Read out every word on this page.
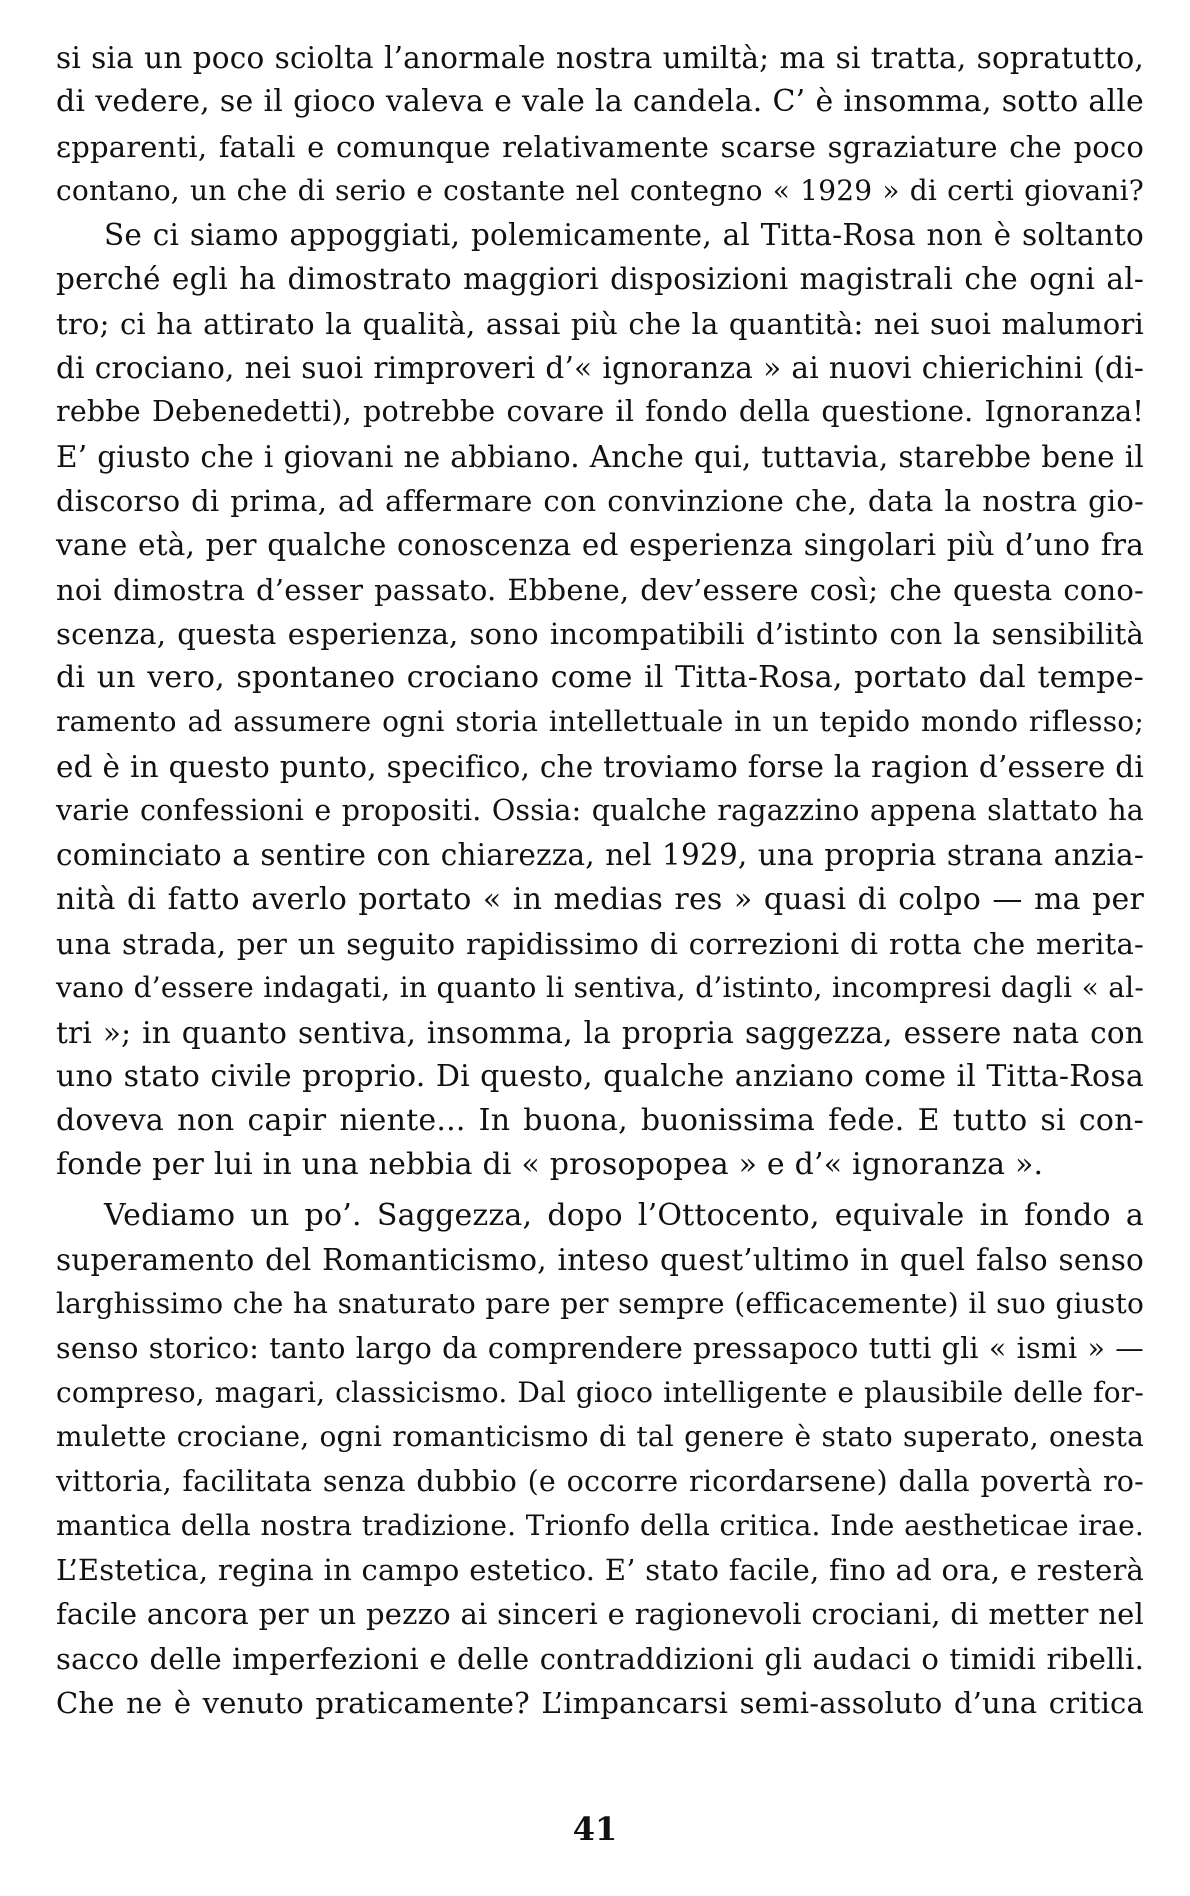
si sia un poco sciolta l’anormale nostra umiltà; ma si tratta, sopratutto,
di vedere, se il gioco valeva e vale la candela. C’ è insomma, sotto alle
ɛpparenti, fatali e comunque relativamente scarse sgraziature che poco
contano, un che di serio e costante nel contegno « 1929 » di certi giovani?
Se ci siamo appoggiati, polemicamente, al Titta-Rosa non è soltanto
perché egli ha dimostrato maggiori disposizioni magistrali che ogni al-
tro; ci ha attirato la qualità, assai più che la quantità: nei suoi malumori
di crociano, nei suoi rimproveri d’« ignoranza » ai nuovi chierichini (di-
rebbe Debenedetti), potrebbe covare il fondo della questione. Ignoranza!
E’ giusto che i giovani ne abbiano. Anche qui, tuttavia, starebbe bene il
discorso di prima, ad affermare con convinzione che, data la nostra gio-
vane età, per qualche conoscenza ed esperienza singolari più d’uno fra
noi dimostra d’esser passato. Ebbene, dev’essere così; che questa cono-
scenza, questa esperienza, sono incompatibili d’istinto con la sensibilità
di un vero, spontaneo crociano come il Titta-Rosa, portato dal tempe-
ramento ad assumere ogni storia intellettuale in un tepido mondo riflesso;
ed è in questo punto, specifico, che troviamo forse la ragion d’essere di
varie confessioni e propositi. Ossia: qualche ragazzino appena slattato ha
cominciato a sentire con chiarezza, nel 1929, una propria strana anzia-
nità di fatto averlo portato « in medias res » quasi di colpo — ma per
una strada, per un seguito rapidissimo di correzioni di rotta che merita-
vano d’essere indagati, in quanto li sentiva, d’istinto, incompresi dagli « al-
tri »; in quanto sentiva, insomma, la propria saggezza, essere nata con
uno stato civile proprio. Di questo, qualche anziano come il Titta-Rosa
doveva non capir niente... In buona, buonissima fede. E tutto si con-
fonde per lui in una nebbia di « prosopopea » e d’« ignoranza ».
Vediamo un po’. Saggezza, dopo l’Ottocento, equivale in fondo a
superamento del Romanticismo, inteso quest’ultimo in quel falso senso
larghissimo che ha snaturato pare per sempre (efficacemente) il suo giusto
senso storico: tanto largo da comprendere pressapoco tutti gli « ismi » —
compreso, magari, classicismo. Dal gioco intelligente e plausibile delle for-
mulette crociane, ogni romanticismo di tal genere è stato superato, onesta
vittoria, facilitata senza dubbio (e occorre ricordarsene) dalla povertà ro-
mantica della nostra tradizione. Trionfo della critica. Inde aestheticae irae.
L’Estetica, regina in campo estetico. E’ stato facile, fino ad ora, e resterà
facile ancora per un pezzo ai sinceri e ragionevoli crociani, di metter nel
sacco delle imperfezioni e delle contraddizioni gli audaci o timidi ribelli.
Che ne è venuto praticamente? L’impancarsi semi-assoluto d’una critica
41
